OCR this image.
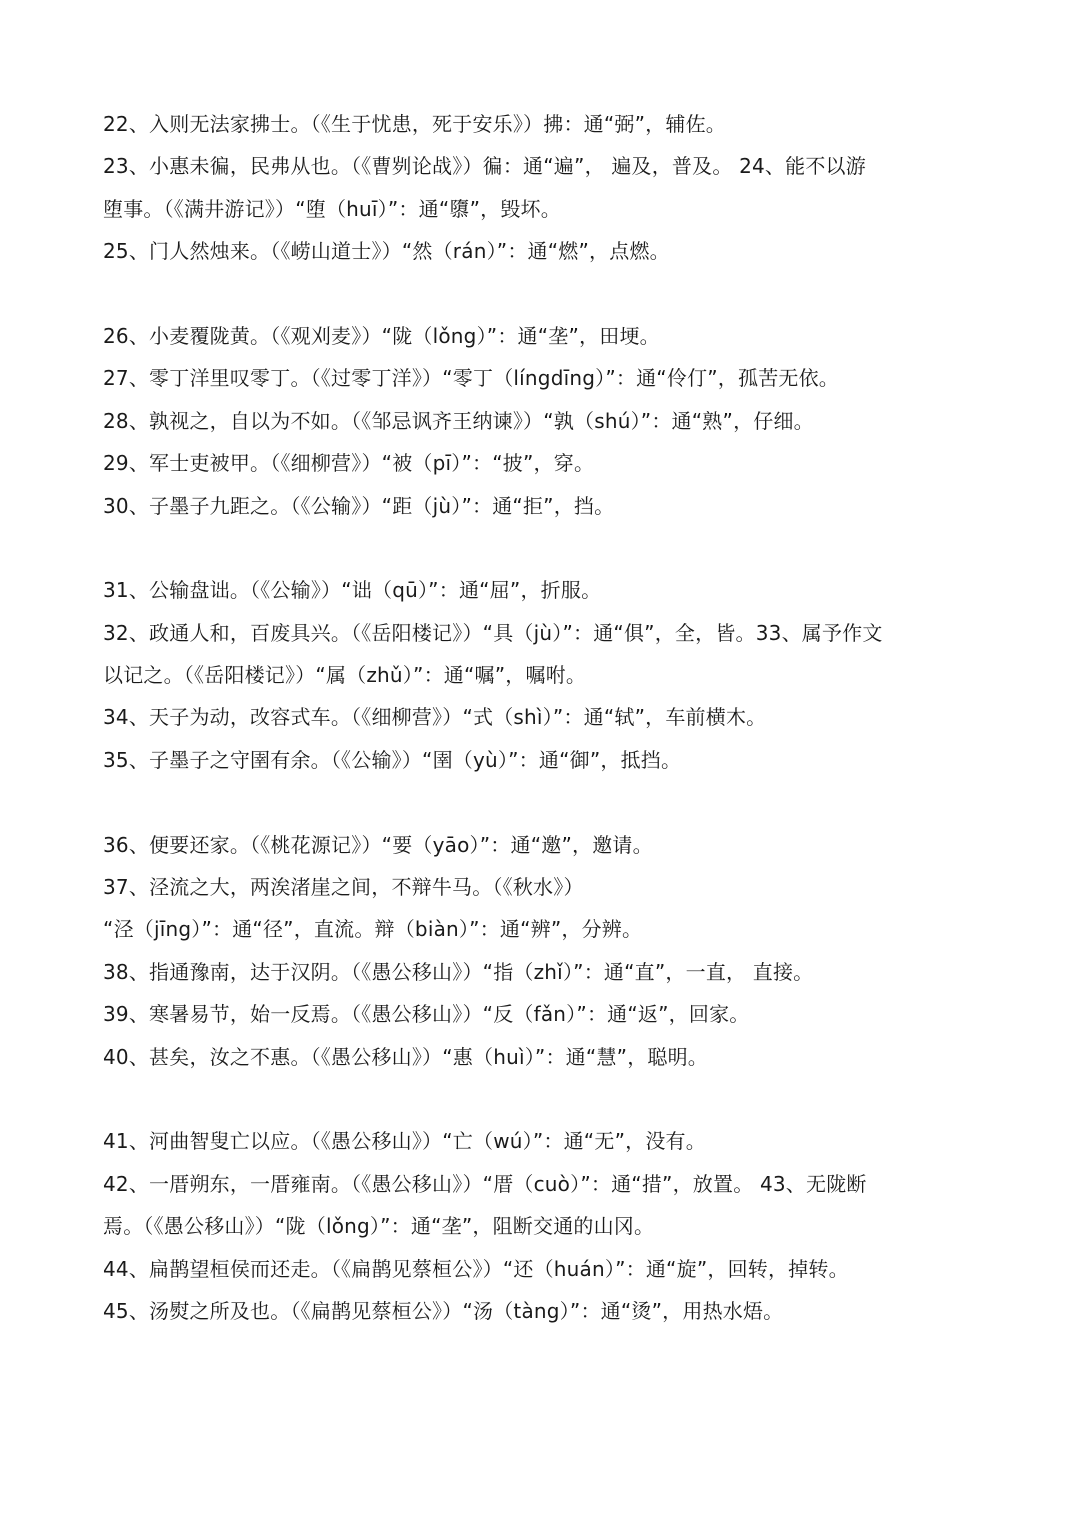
22、入则无法家拂士。（《生于忧患，死于安乐》）拂：通“弼”，辅佐。
23、小惠未徧，民弗从也。（《曹刿论战》）徧：通“遍”， 遍及，普及。 24、能不以游
堕事。（《满井游记》）“堕（huī）”：通“隳”，毁坏。
25、门人然烛来。（《崂山道士》）“然（rán）”：通“燃”，点燃。
26、小麦覆陇黄。（《观刈麦》）“陇（lǒng）”：通“垄”，田埂。
27、零丁洋里叹零丁。（《过零丁洋》）“零丁（língdīng）”：通“伶仃”，孤苦无依。
28、孰视之，自以为不如。（《邹忌讽齐王纳谏》）“孰（shú）”：通“熟”，仔细。
29、军士吏被甲。（《细柳营》）“被（pī）”：“披”，穿。
30、子墨子九距之。（《公输》）“距（jù）”：通“拒”，挡。
31、公输盘诎。（《公输》）“诎（qū）”：通“屈”，折服。
32、政通人和，百废具兴。（《岳阳楼记》）“具（jù）”：通“俱”，全，皆。33、属予作文
以记之。（《岳阳楼记》）“属（zhǔ）”：通“嘱”，嘱咐。
34、天子为动，改容式车。（《细柳营》）“式（shì）”：通“轼”，车前横木。
35、子墨子之守圉有余。（《公输》）“圉（yù）”：通“御”，抵挡。
36、便要还家。（《桃花源记》）“要（yāo）”：通“邀”，邀请。
37、泾流之大，两涘渚崖之间，不辩牛马。（《秋水》）
“泾（jīng）”：通“径”，直流。辩（biàn）”：通“辨”，分辨。
38、指通豫南，达于汉阴。（《愚公移山》）“指（zhǐ）”：通“直”，一直， 直接。
39、寒暑易节，始一反焉。（《愚公移山》）“反（fǎn）”：通“返”，回家。
40、甚矣，汝之不惠。（《愚公移山》）“惠（huì）”：通“慧”，聪明。
41、河曲智叟亡以应。（《愚公移山》）“亡（wú）”：通“无”，没有。
42、一厝朔东，一厝雍南。（《愚公移山》）“厝（cuò）”：通“措”，放置。 43、无陇断
焉。（《愚公移山》）“陇（lǒng）”：通“垄”，阻断交通的山冈。
44、扁鹊望桓侯而还走。（《扁鹊见蔡桓公》）“还（huán）”：通“旋”，回转，掉转。
45、汤熨之所及也。（《扁鹊见蔡桓公》）“汤（tàng）”：通“烫”，用热水焐。
